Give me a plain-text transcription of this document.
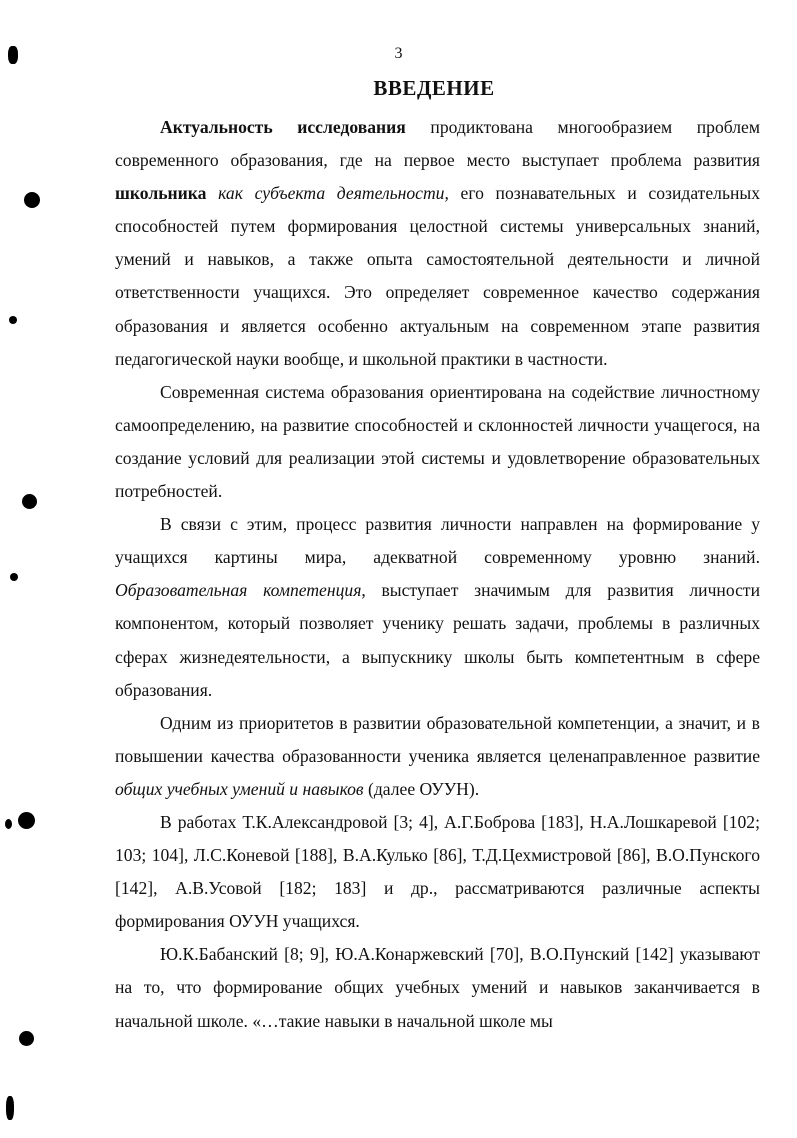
3
ВВЕДЕНИЕ

Актуальность исследования продиктована многообразием проблем современного образования, где на первое место выступает проблема развития школьника как субъекта деятельности, его познавательных и созидательных способностей путем формирования целостной системы универсальных знаний, умений и навыков, а также опыта самостоятельной деятельности и личной ответственности учащихся. Это определяет современное качество содержания образования и является особенно актуальным на современном этапе развития педагогической науки вообще, и школьной практики в частности.

Современная система образования ориентирована на содействие личностному самоопределению, на развитие способностей и склонностей личности учащегося, на создание условий для реализации этой системы и удовлетворение образовательных потребностей.

В связи с этим, процесс развития личности направлен на формирование у учащихся картины мира, адекватной современному уровню знаний. Образовательная компетенция, выступает значимым для развития личности компонентом, который позволяет ученику решать задачи, проблемы в различных сферах жизнедеятельности, а выпускнику школы быть компетентным в сфере образования.

Одним из приоритетов в развитии образовательной компетенции, а значит, и в повышении качества образованности ученика является целенаправленное развитие общих учебных умений и навыков (далее ОУУН).

В работах Т.К.Александровой [3; 4], А.Г.Боброва [183], Н.А.Лошкаревой [102; 103; 104], Л.С.Коневой [188], В.А.Кулько [86], Т.Д.Цехмистровой [86], В.О.Пунского [142], А.В.Усовой [182; 183] и др., рассматриваются различные аспекты формирования ОУУН учащихся.

Ю.К.Бабанский [8; 9], Ю.А.Конаржевский [70], В.О.Пунский [142] указывают на то, что формирование общих учебных умений и навыков заканчивается в начальной школе. «…такие навыки в начальной школе мы
